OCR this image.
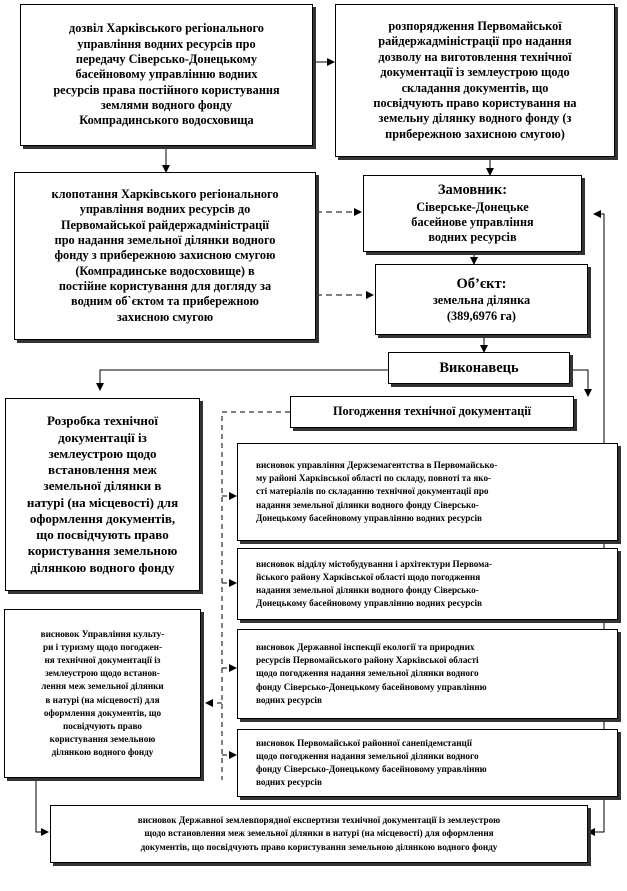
дозвіл Харківського регіонального
управління водних ресурсів про
передачу Сіверсько-Донецькому
басейновому управлінню водних
ресурсів права постійного користування
землями водного фонду
Компрадинського водосховища
розпорядження Первомайської
райдержадміністрації про надання
дозволу на виготовлення технічної
документації із землеустрою щодо
складання документів, що
посвідчують право користування на
земельну ділянку водного фонду (з
прибережною захисною смугою)
клопотання Харківського регіонального
управління водних ресурсів до
Первомайської райдержадміністрації
про надання земельної ділянки водного
фонду з прибережною захисною смугою
(Компрадинське водосховище) в
постійне користування для догляду за
водним об`єктом та прибережною
захисною смугою
Замовник:
Сіверське-Донецьке
басейнове управління
водних ресурсів
Об’єкт:
земельна ділянка
(389,6976 га)
Виконавець
Розробка технічної
документації із
землеустрою щодо
встановлення меж
земельної ділянки в
натурі (на місцевості) для
оформлення документів,
що посвідчують право
користування земельною
ділянкою водного фонду
Погодження технічної документації
висновок управління Держземагентства в Первомайсько-
му районі Харківської області по складу, повноті та яко-
сті матеріалів по складанню технічної документації про
надання земельної ділянки водного фонду Сіверсько-
Донецькому басейновому управлінню водних ресурсів
висновок відділу містобудування і архітектури Первома-
йського району Харківської області щодо погодження
надання земельної ділянки водного фонду Сіверсько-
Донецькому басейновому управлінню водних ресурсів
висновок Державної інспекції екології та природних
ресурсів Первомайського району Харківської області
щодо погодження надання земельної ділянки водного
фонду Сіверсько-Донецькому басейновому управлінню
водних ресурсів
висновок Первомайської районної санепідемстанції
щодо погодження надання земельної ділянки водного
фонду Сіверсько-Донецькому басейновому управлінню
водних ресурсів
висновок Управління культу-
ри і туризму щодо погоджен-
ня технічної документації із
землеустрою щодо встанов-
лення меж земельної ділянки
в натурі (на місцевості) для
оформлення документів, що
посвідчують право
користування земельною
ділянкою водного фонду
висновок Державної землевпорядної експертизи технічної документації із землеустрою
щодо встановлення меж земельної ділянки в натурі (на місцевості) для оформлення
документів, що посвідчують право користування земельною ділянкою водного фонду
